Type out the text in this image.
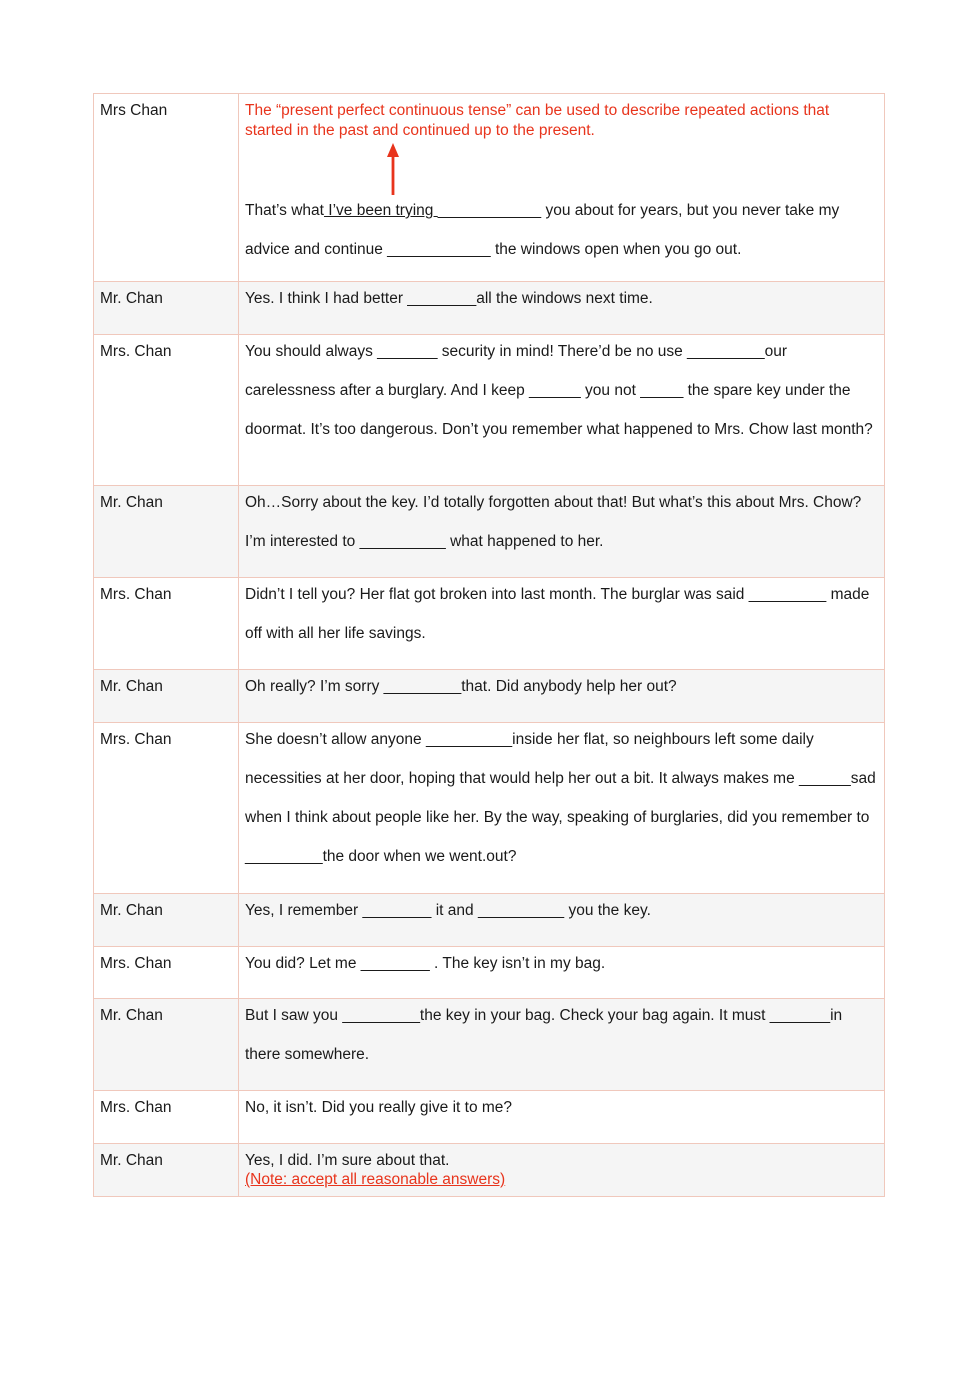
Mrs Chan	The “present perfect continuous tense” can be used to describe repeated actions that started in the past and continued up to the present.
That’s what I’ve been trying ____________ you about for years, but you never take my advice and continue ____________ the windows open when you go out.

Mr. Chan	Yes. I think I had better ________all the windows next time.

Mrs. Chan	You should always _______ security in mind! There’d be no use _________our carelessness after a burglary. And I keep ______ you not _____ the spare key under the doormat. It’s too dangerous. Don’t you remember what happened to Mrs. Chow last month?

Mr. Chan	Oh…Sorry about the key. I’d totally forgotten about that! But what’s this about Mrs. Chow? I’m interested to __________ what happened to her.

Mrs. Chan	Didn’t I tell you? Her flat got broken into last month. The burglar was said _________ made off with all her life savings.

Mr. Chan	Oh really? I’m sorry _________that. Did anybody help her out?

Mrs. Chan	She doesn’t allow anyone __________inside her flat, so neighbours left some daily necessities at her door, hoping that would help her out a bit. It always makes me ______sad when I think about people like her. By the way, speaking of burglaries, did you remember to _________the door when we went.out?

Mr. Chan	Yes, I remember ________ it and __________ you the key.

Mrs. Chan	You did? Let me ________ . The key isn’t in my bag.

Mr. Chan	But I saw you _________the key in your bag. Check your bag again. It must _______in there somewhere.

Mrs. Chan	No, it isn’t. Did you really give it to me?

Mr. Chan	Yes, I did. I’m sure about that.
(Note: accept all reasonable answers)
